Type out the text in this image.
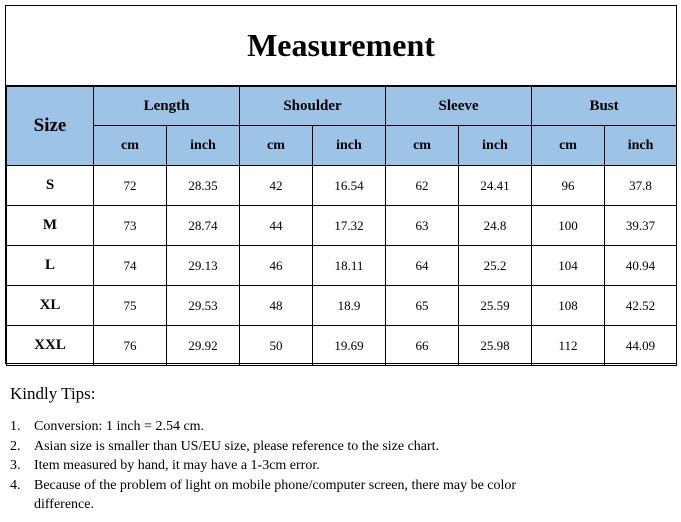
Measurement
Size	Length		Shoulder		Sleeve		Bust	
	cm	inch	cm	inch	cm	inch	cm	inch
S	72	28.35	42	16.54	62	24.41	96	37.8
M	73	28.74	44	17.32	63	24.8	100	39.37
L	74	29.13	46	18.11	64	25.2	104	40.94
XL	75	29.53	48	18.9	65	25.59	108	42.52
XXL	76	29.92	50	19.69	66	25.98	112	44.09
Kindly Tips:
1. Conversion: 1 inch = 2.54 cm.
2. Asian size is smaller than US/EU size, please reference to the size chart.
3. Item measured by hand, it may have a 1-3cm error.
4. Because of the problem of light on mobile phone/computer screen, there may be color difference.
